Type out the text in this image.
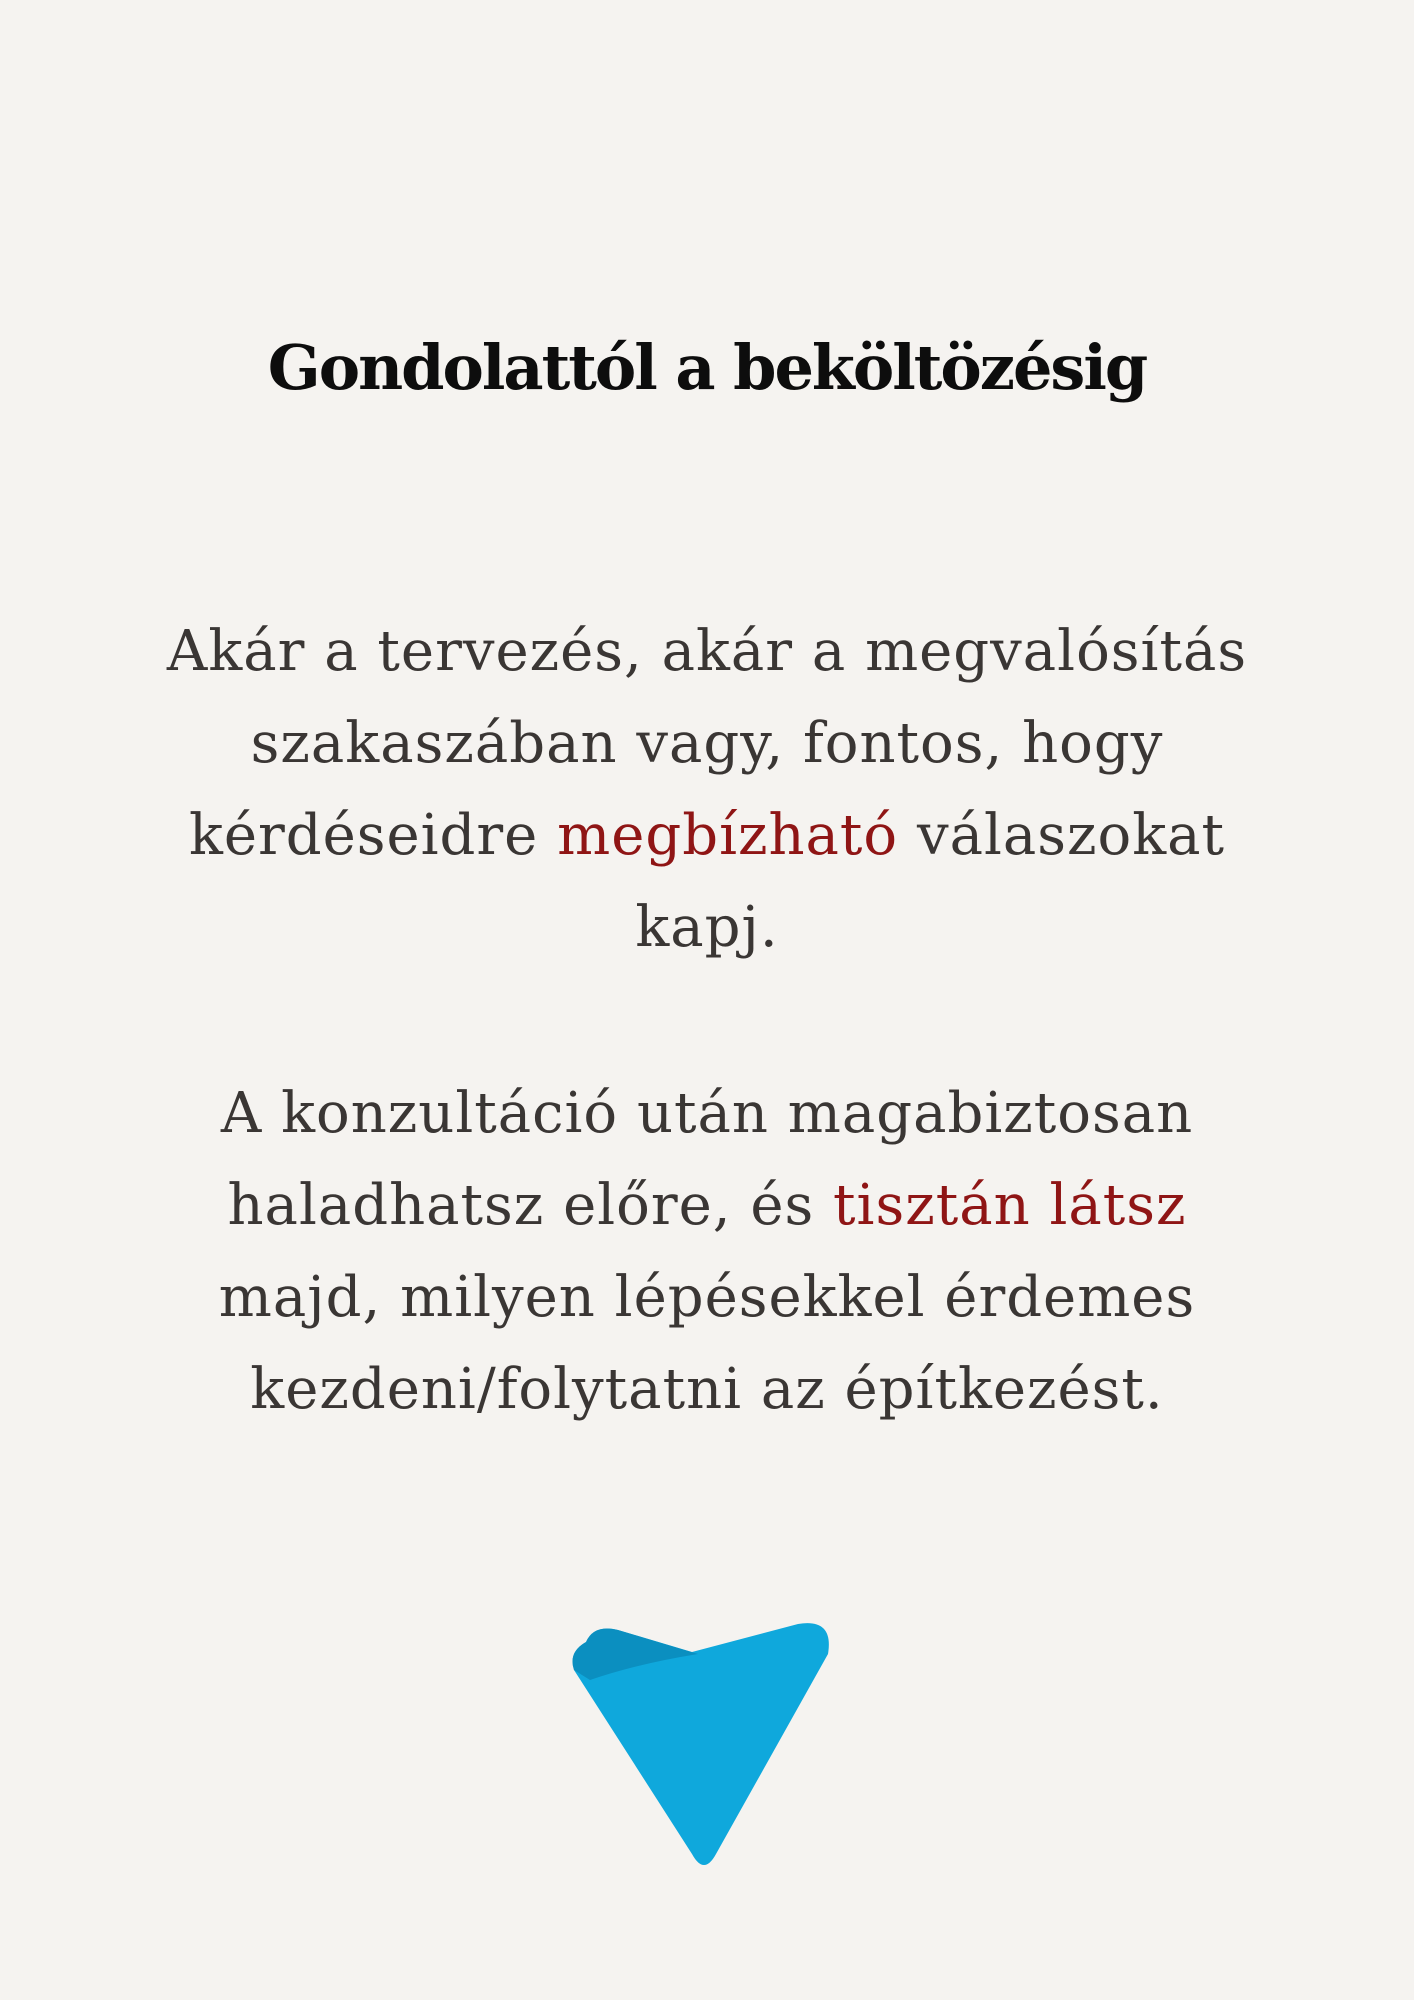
Gondolattól a beköltözésig

Akár a tervezés, akár a megvalósítás
szakaszában vagy, fontos, hogy
kérdéseidre megbízható válaszokat
kapj.

A konzultáció után magabiztosan
haladhatsz előre, és tisztán látsz
majd, milyen lépésekkel érdemes
kezdeni/folytatni az építkezést.
